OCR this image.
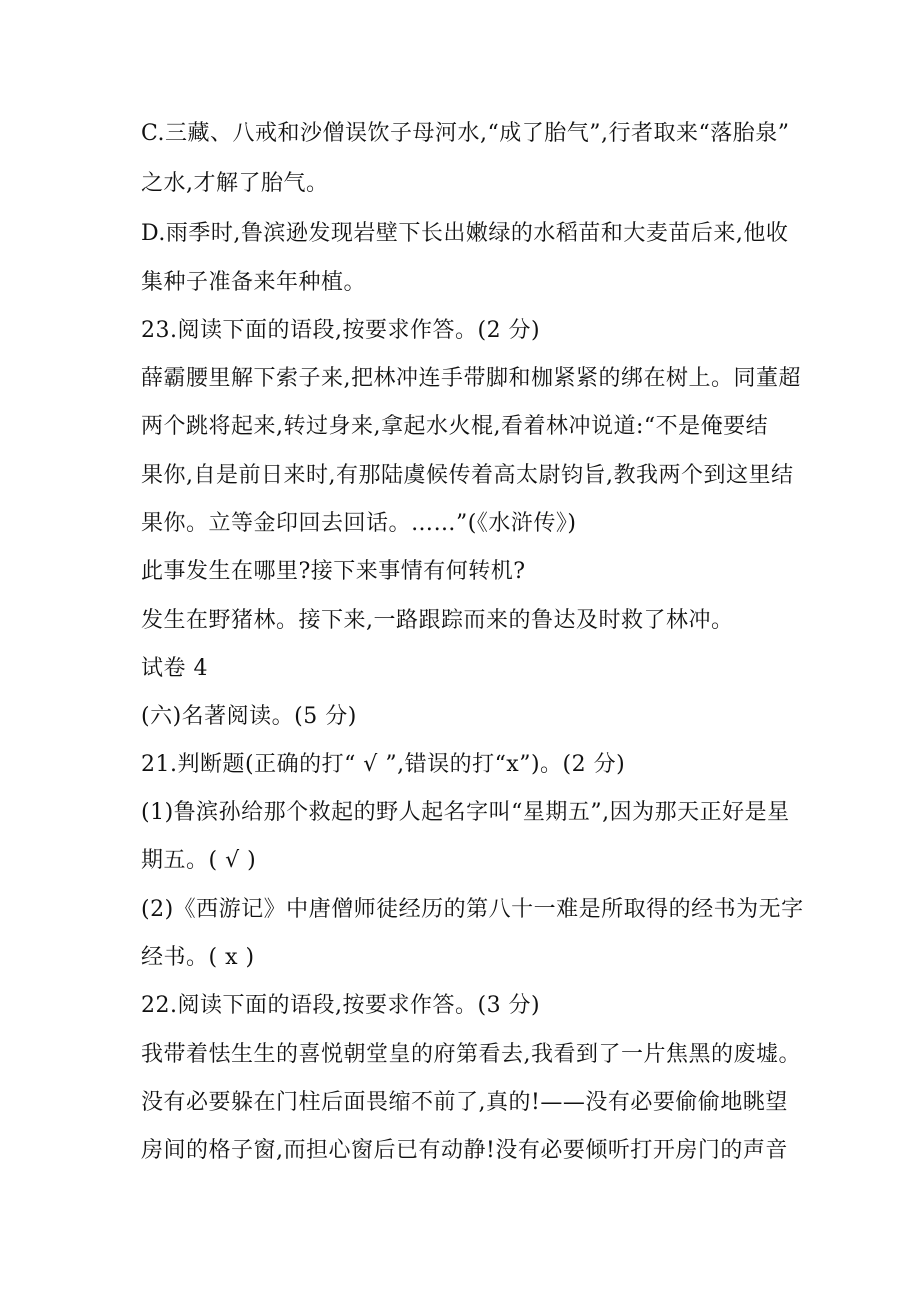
C.三藏、八戒和沙僧误饮子母河水,“成了胎气”,行者取来“落胎泉”
之水,才解了胎气。
D.雨季时,鲁滨逊发现岩壁下长出嫩绿的水稻苗和大麦苗后来,他收
集种子准备来年种植。
23.阅读下面的语段,按要求作答。(2 分)
薛霸腰里解下索子来,把林冲连手带脚和枷紧紧的绑在树上。同董超
两个跳将起来,转过身来,拿起水火棍,看着林冲说道:“不是俺要结
果你,自是前日来时,有那陆虞候传着高太尉钧旨,教我两个到这里结
果你。立等金印回去回话。……”(《水浒传》)
此事发生在哪里?接下来事情有何转机?
发生在野猪林。接下来,一路跟踪而来的鲁达及时救了林冲。
试卷 4
(六)名著阅读。(5 分)
21.判断题(正确的打“ √ ”,错误的打“x”)。(2 分)
(1)鲁滨孙给那个救起的野人起名字叫“星期五”,因为那天正好是星
期五。( √ )
(2)《西游记》中唐僧师徒经历的第八十一难是所取得的经书为无字
经书。( x )
22.阅读下面的语段,按要求作答。(3 分)
我带着怯生生的喜悦朝堂皇的府第看去,我看到了一片焦黑的废墟。
没有必要躲在门柱后面畏缩不前了,真的!——没有必要偷偷地眺望
房间的格子窗,而担心窗后已有动静!没有必要倾听打开房门的声音
